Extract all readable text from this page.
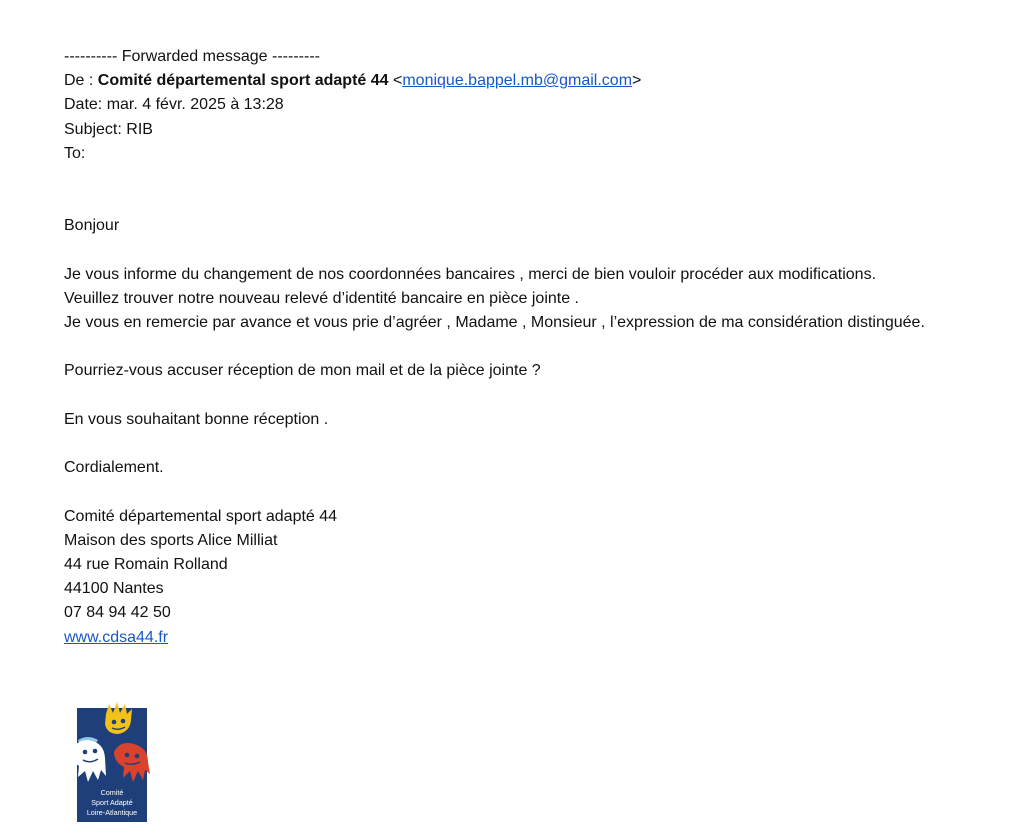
---------- Forwarded message ---------
De : Comité départemental sport adapté 44 <monique.bappel.mb@gmail.com>
Date: mar. 4 févr. 2025 à 13:28
Subject: RIB
To:
Bonjour
Je vous informe du changement de nos coordonnées bancaires , merci de bien vouloir procéder aux modifications.
Veuillez trouver notre nouveau relevé d’identité bancaire en pièce jointe .
Je vous en remercie par avance et vous prie d’agréer , Madame , Monsieur , l’expression de ma considération distinguée.
Pourriez-vous accuser réception de mon mail et de la pièce jointe ?
En vous souhaitant bonne réception .
Cordialement.
Comité départemental sport adapté 44
Maison des sports Alice Milliat
44 rue Romain Rolland
44100 Nantes
07 84 94 42 50
www.cdsa44.fr
Comité
Sport Adapté
Loire-Atlantique
